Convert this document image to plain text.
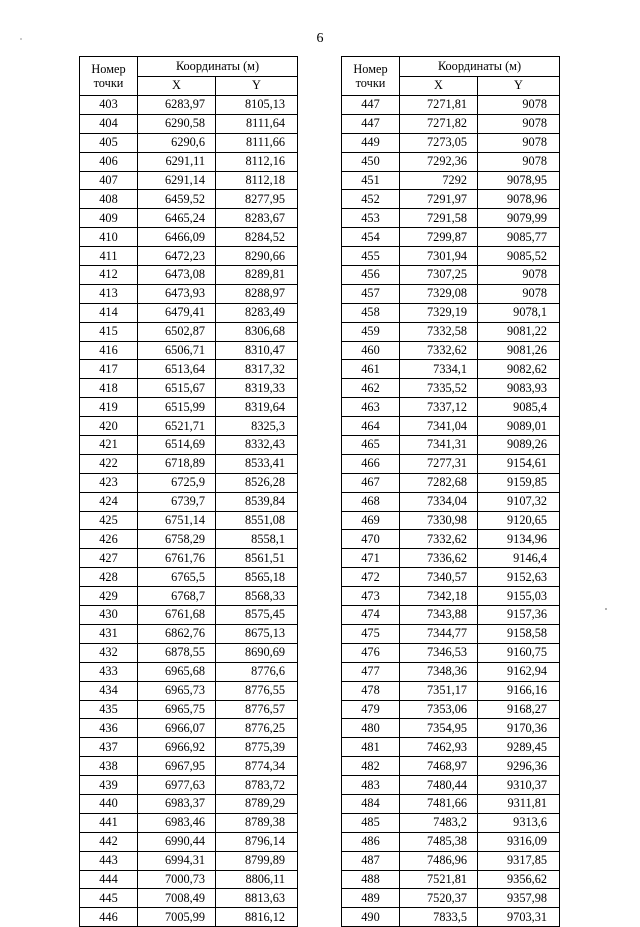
6
Номер
точки	Координаты (м)	
	X	Y
403	6283,97	8105,13
404	6290,58	8111,64
405	6290,6	8111,66
406	6291,11	8112,16
407	6291,14	8112,18
408	6459,52	8277,95
409	6465,24	8283,67
410	6466,09	8284,52
411	6472,23	8290,66
412	6473,08	8289,81
413	6473,93	8288,97
414	6479,41	8283,49
415	6502,87	8306,68
416	6506,71	8310,47
417	6513,64	8317,32
418	6515,67	8319,33
419	6515,99	8319,64
420	6521,71	8325,3
421	6514,69	8332,43
422	6718,89	8533,41
423	6725,9	8526,28
424	6739,7	8539,84
425	6751,14	8551,08
426	6758,29	8558,1
427	6761,76	8561,51
428	6765,5	8565,18
429	6768,7	8568,33
430	6761,68	8575,45
431	6862,76	8675,13
432	6878,55	8690,69
433	6965,68	8776,6
434	6965,73	8776,55
435	6965,75	8776,57
436	6966,07	8776,25
437	6966,92	8775,39
438	6967,95	8774,34
439	6977,63	8783,72
440	6983,37	8789,29
441	6983,46	8789,38
442	6990,44	8796,14
443	6994,31	8799,89
444	7000,73	8806,11
445	7008,49	8813,63
446	7005,99	8816,12
Номер
точки	Координаты (м)	
	X	Y
447	7271,81	9078
447	7271,82	9078
449	7273,05	9078
450	7292,36	9078
451	7292	9078,95
452	7291,97	9078,96
453	7291,58	9079,99
454	7299,87	9085,77
455	7301,94	9085,52
456	7307,25	9078
457	7329,08	9078
458	7329,19	9078,1
459	7332,58	9081,22
460	7332,62	9081,26
461	7334,1	9082,62
462	7335,52	9083,93
463	7337,12	9085,4
464	7341,04	9089,01
465	7341,31	9089,26
466	7277,31	9154,61
467	7282,68	9159,85
468	7334,04	9107,32
469	7330,98	9120,65
470	7332,62	9134,96
471	7336,62	9146,4
472	7340,57	9152,63
473	7342,18	9155,03
474	7343,88	9157,36
475	7344,77	9158,58
476	7346,53	9160,75
477	7348,36	9162,94
478	7351,17	9166,16
479	7353,06	9168,27
480	7354,95	9170,36
481	7462,93	9289,45
482	7468,97	9296,36
483	7480,44	9310,37
484	7481,66	9311,81
485	7483,2	9313,6
486	7485,38	9316,09
487	7486,96	9317,85
488	7521,81	9356,62
489	7520,37	9357,98
490	7833,5	9703,31
